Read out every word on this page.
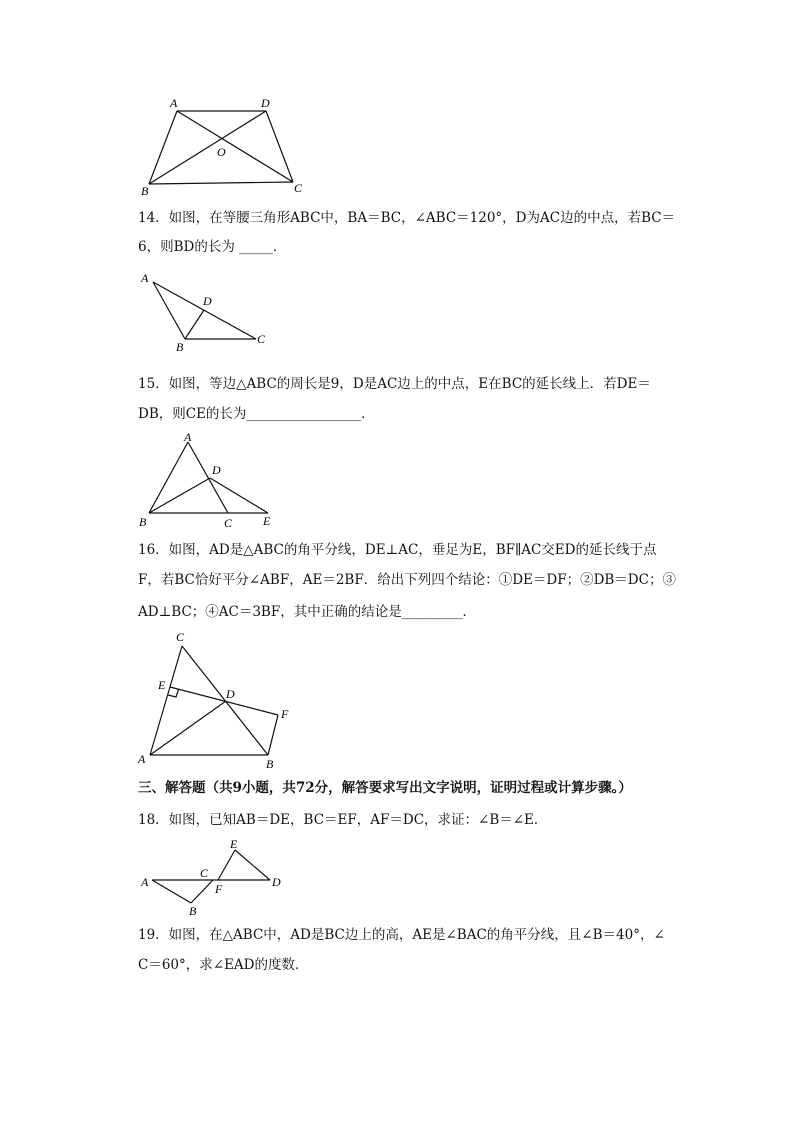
A	D
O
B	C
14．如图，在等腰三角形ABC中，BA＝BC，∠ABC＝120°，D为AC边的中点，若BC＝
6，则BD的长为 _____．
A
D
B
C
15．如图，等边△ABC的周长是9，D是AC边上的中点，E在BC的延长线上．若DE＝
DB，则CE的长为_________________．
A
D
B	C	E
16．如图，AD是△ABC的角平分线，DE⊥AC，垂足为E，BF∥AC交ED的延长线于点
F，若BC恰好平分∠ABF，AE＝2BF．给出下列四个结论：①DE＝DF；②DB＝DC；③
AD⊥BC；④AC＝3BF，其中正确的结论是_________．
C
E
D
F
A	B
三、解答题（共9小题，共72分，解答要求写出文字说明，证明过程或计算步骤。）
18．如图，已知AB＝DE，BC＝EF，AF＝DC，求证：∠B＝∠E．
E
A
C
F	D
B
19．如图，在△ABC中，AD是BC边上的高，AE是∠BAC的角平分线，且∠B＝40°，∠
C＝60°，求∠EAD的度数．
